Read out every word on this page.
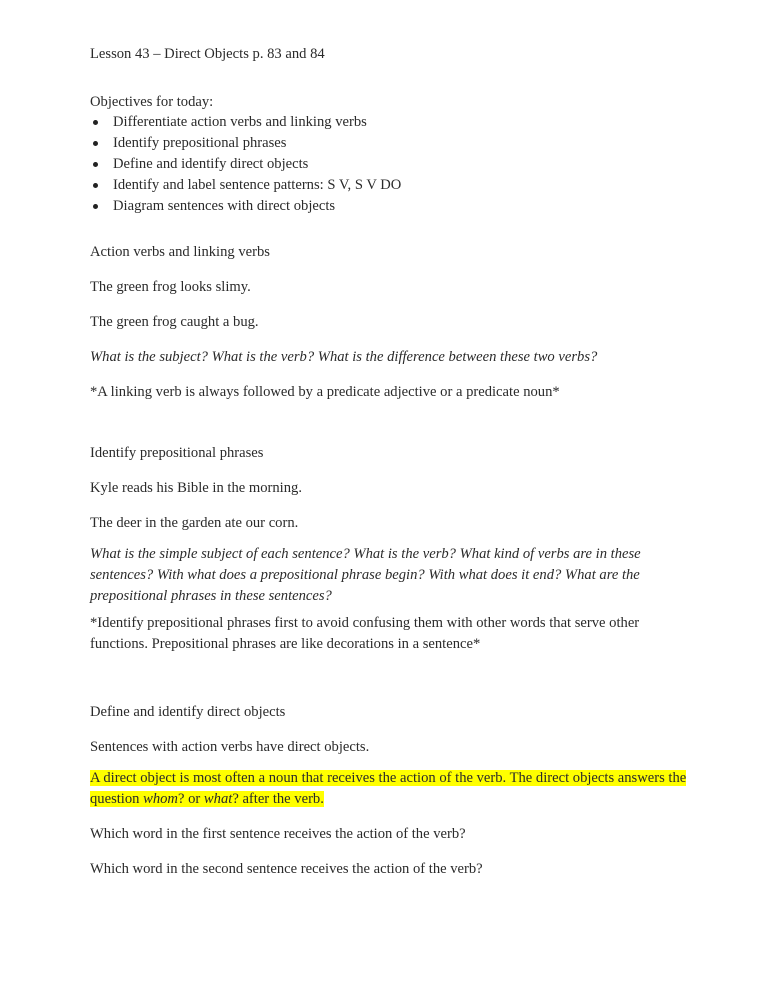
Lesson 43 – Direct Objects p. 83 and 84
Objectives for today:
Differentiate action verbs and linking verbs
Identify prepositional phrases
Define and identify direct objects
Identify and label sentence patterns: S V, S V DO
Diagram sentences with direct objects
Action verbs and linking verbs
The green frog looks slimy.
The green frog caught a bug.
What is the subject? What is the verb? What is the difference between these two verbs?
*A linking verb is always followed by a predicate adjective or a predicate noun*
Identify prepositional phrases
Kyle reads his Bible in the morning.
The deer in the garden ate our corn.
What is the simple subject of each sentence? What is the verb? What kind of verbs are in these sentences? With what does a prepositional phrase begin? With what does it end? What are the prepositional phrases in these sentences?
*Identify prepositional phrases first to avoid confusing them with other words that serve other functions. Prepositional phrases are like decorations in a sentence*
Define and identify direct objects
Sentences with action verbs have direct objects.
A direct object is most often a noun that receives the action of the verb. The direct objects answers the question whom? or what? after the verb.
Which word in the first sentence receives the action of the verb?
Which word in the second sentence receives the action of the verb?
